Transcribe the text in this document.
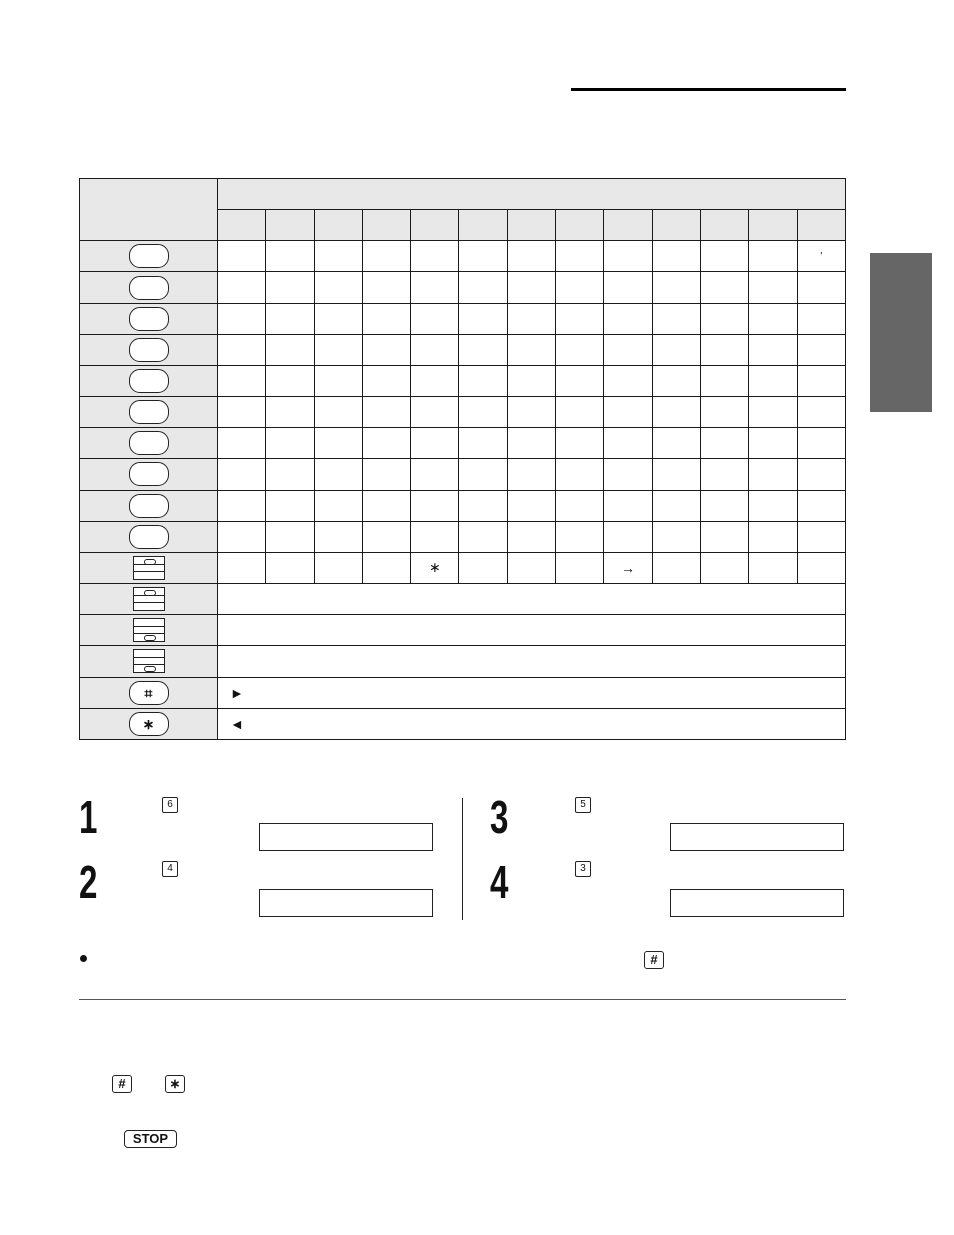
													'

					∗				→				

⌗	►												
∗	◄												
1	6
2	4
3	5
4	3
#
#	∗
STOP
